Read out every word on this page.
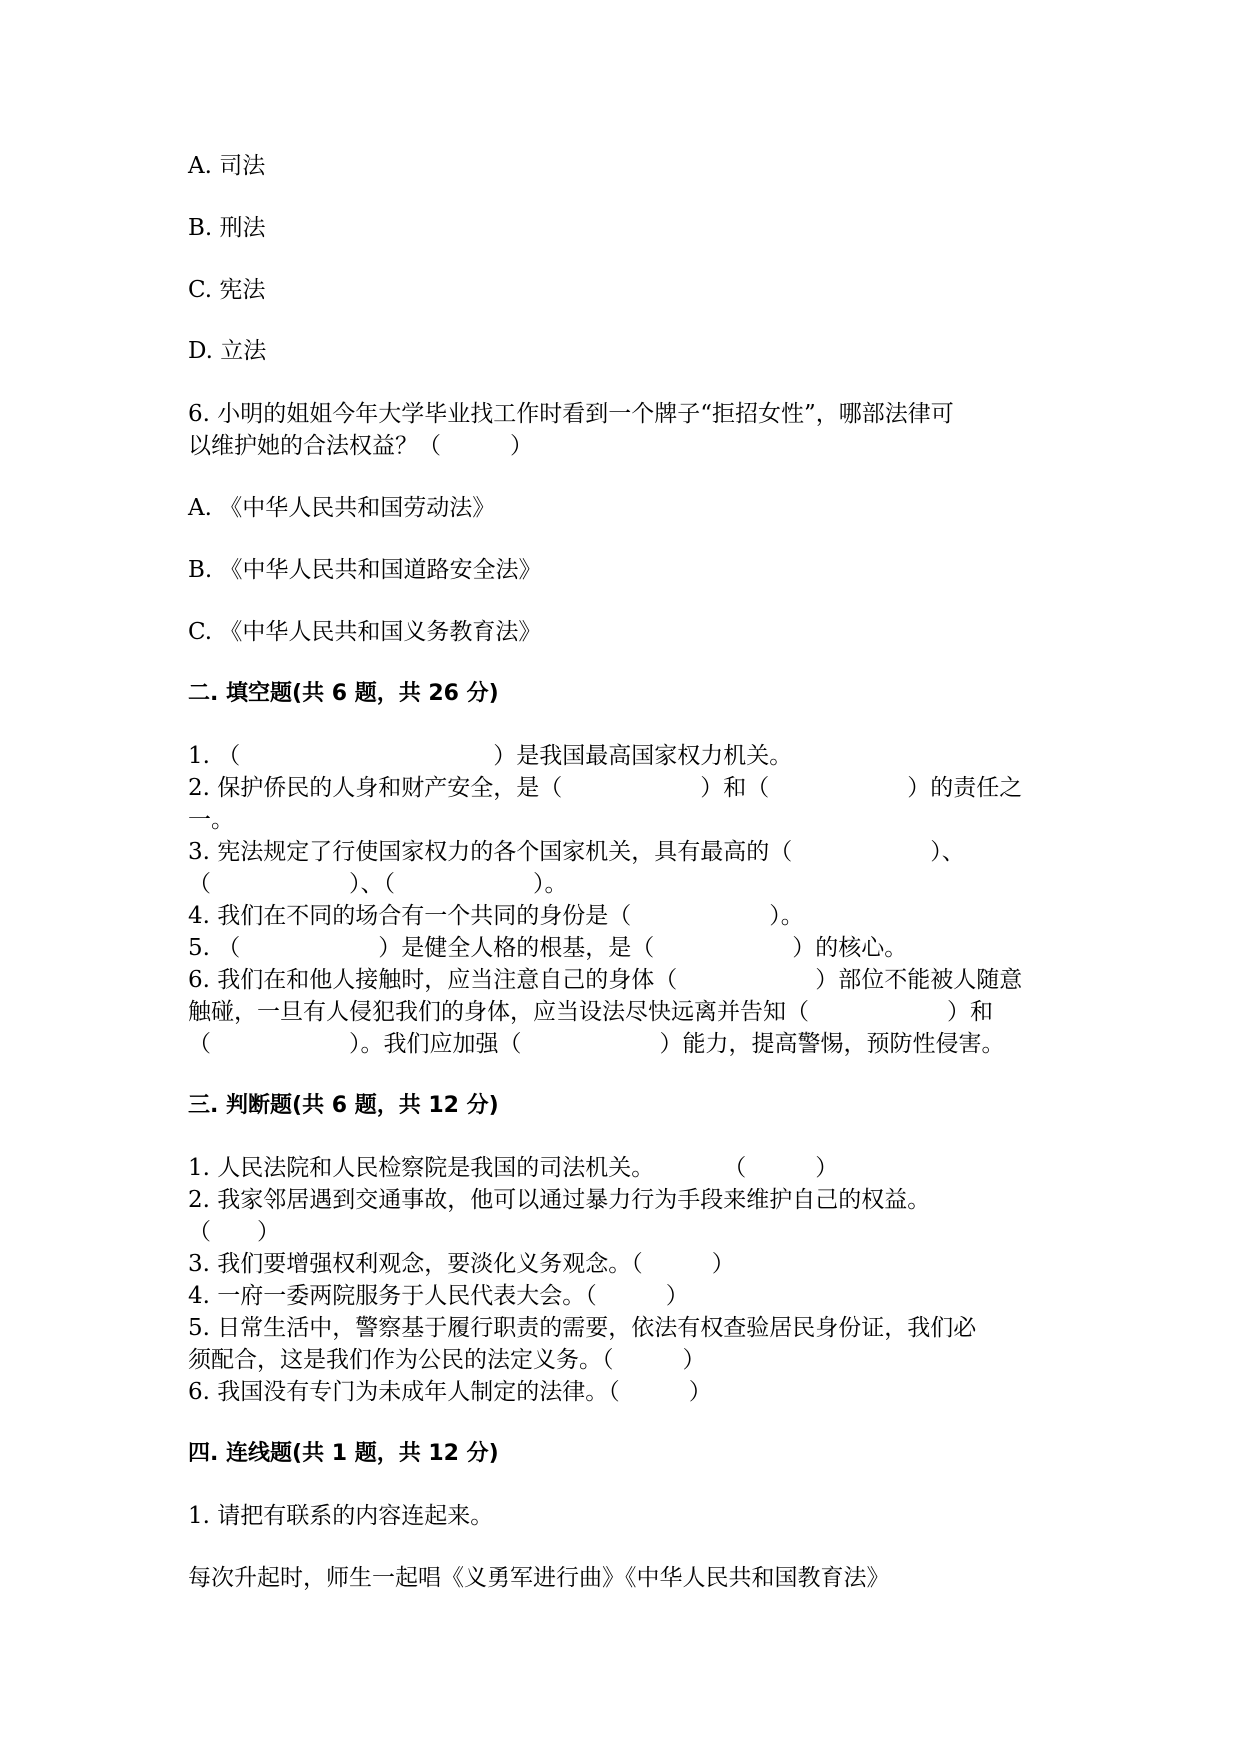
A. 司法

B. 刑法

C. 宪法

D. 立法

6. 小明的姐姐今年大学毕业找工作时看到一个牌子“拒招女性”，哪部法律可

以维护她的合法权益？（　　　）

A. 《中华人民共和国劳动法》

B. 《中华人民共和国道路安全法》

C. 《中华人民共和国义务教育法》

二. 填空题(共 6 题，共 26 分)

1. （　　　　　　　　　　　）是我国最高国家权力机关。

2. 保护侨民的人身和财产安全，是（　　　　　　）和（　　　　　　）的责任之

一。

3. 宪法规定了行使国家权力的各个国家机关，具有最高的（　　　　　　）、

（　　　　　　）、（　　　　　　）。

4. 我们在不同的场合有一个共同的身份是（　　　　　　）。

5. （　　　　　　）是健全人格的根基，是（　　　　　　）的核心。

6. 我们在和他人接触时，应当注意自己的身体（　　　　　　）部位不能被人随意

触碰，一旦有人侵犯我们的身体，应当设法尽快远离并告知（　　　　　　）和

（　　　　　　）。我们应加强（　　　　　　）能力，提高警惕，预防性侵害。

三. 判断题(共 6 题，共 12 分)

1. 人民法院和人民检察院是我国的司法机关。　　　　（　　　）

2. 我家邻居遇到交通事故，他可以通过暴力行为手段来维护自己的权益。

（　　）

3. 我们要增强权利观念，要淡化义务观念。（　　　）

4. 一府一委两院服务于人民代表大会。（　　　）

5. 日常生活中，警察基于履行职责的需要，依法有权查验居民身份证，我们必

须配合，这是我们作为公民的法定义务。（　　　）

6. 我国没有专门为未成年人制定的法律。（　　　）

四. 连线题(共 1 题，共 12 分)

1. 请把有联系的内容连起来。

每次升起时，师生一起唱《义勇军进行曲》《中华人民共和国教育法》
